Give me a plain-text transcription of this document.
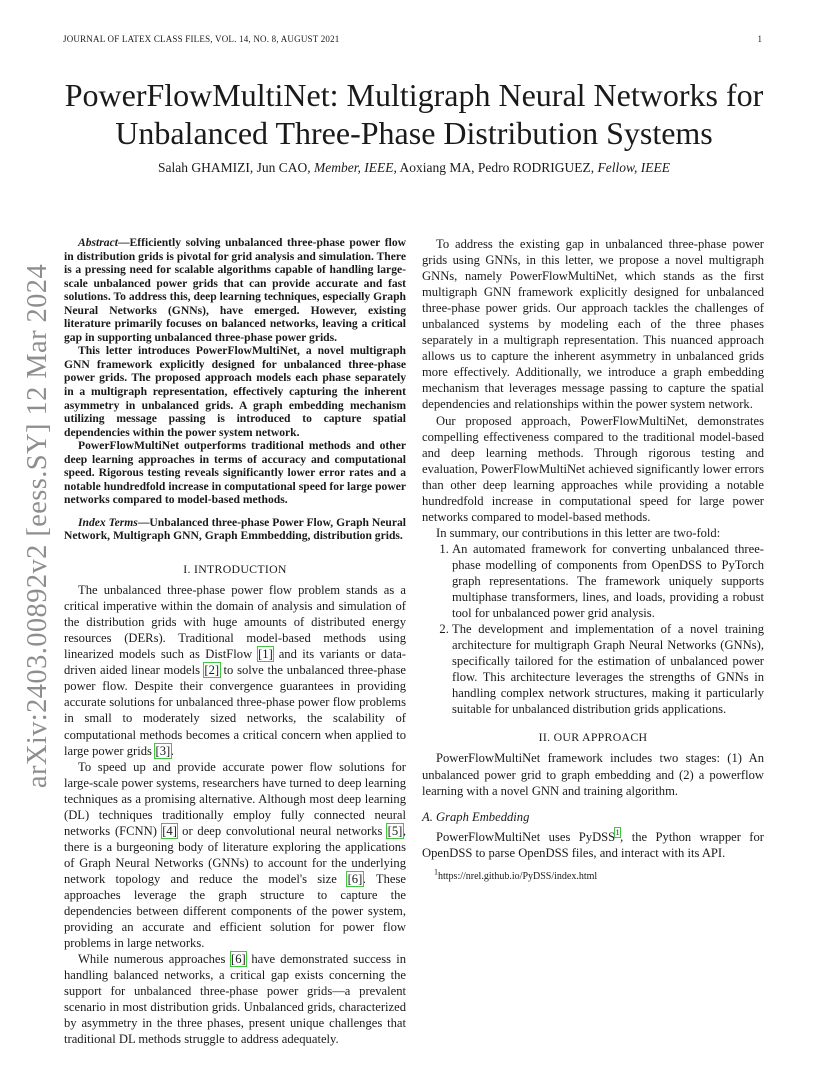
JOURNAL OF LATEX CLASS FILES, VOL. 14, NO. 8, AUGUST 2021	1
arXiv:2403.00892v2 [eess.SY] 12 Mar 2024
PowerFlowMultiNet: Multigraph Neural Networks for Unbalanced Three-Phase Distribution Systems
Salah GHAMIZI, Jun CAO, Member, IEEE, Aoxiang MA, Pedro RODRIGUEZ, Fellow, IEEE

Abstract—Efficiently solving unbalanced three-phase power flow in distribution grids is pivotal for grid analysis and simulation. There is a pressing need for scalable algorithms capable of handling large-scale unbalanced power grids that can provide accurate and fast solutions. To address this, deep learning techniques, especially Graph Neural Networks (GNNs), have emerged. However, existing literature primarily focuses on balanced networks, leaving a critical gap in supporting unbalanced three-phase power grids.

This letter introduces PowerFlowMultiNet, a novel multigraph GNN framework explicitly designed for unbalanced three-phase power grids. The proposed approach models each phase separately in a multigraph representation, effectively capturing the inherent asymmetry in unbalanced grids. A graph embedding mechanism utilizing message passing is introduced to capture spatial dependencies within the power system network.

PowerFlowMultiNet outperforms traditional methods and other deep learning approaches in terms of accuracy and computational speed. Rigorous testing reveals significantly lower error rates and a notable hundredfold increase in computational speed for large power networks compared to model-based methods.

Index Terms—Unbalanced three-phase Power Flow, Graph Neural Network, Multigraph GNN, Graph Emmbedding, distribution grids.

I. INTRODUCTION

The unbalanced three-phase power flow problem stands as a critical imperative within the domain of analysis and simulation of the distribution grids with huge amounts of distributed energy resources (DERs). Traditional model-based methods using linearized models such as DistFlow [1] and its variants or data-driven aided linear models [2] to solve the unbalanced three-phase power flow. Despite their convergence guarantees in providing accurate solutions for unbalanced three-phase power flow problems in small to moderately sized networks, the scalability of computational methods becomes a critical concern when applied to large power grids [3].

To speed up and provide accurate power flow solutions for large-scale power systems, researchers have turned to deep learning techniques as a promising alternative. Although most deep learning (DL) techniques traditionally employ fully connected neural networks (FCNN) [4] or deep convolutional neural networks [5], there is a burgeoning body of literature exploring the applications of Graph Neural Networks (GNNs) to account for the underlying network topology and reduce the model's size [6]. These approaches leverage the graph structure to capture the dependencies between different components of the power system, providing an accurate and efficient solution for power flow problems in large networks.

While numerous approaches [6] have demonstrated success in handling balanced networks, a critical gap exists concerning the support for unbalanced three-phase power grids—a prevalent scenario in most distribution grids. Unbalanced grids, characterized by asymmetry in the three phases, present unique challenges that traditional DL methods struggle to address adequately.

To address the existing gap in unbalanced three-phase power grids using GNNs, in this letter, we propose a novel multigraph GNNs, namely PowerFlowMultiNet, which stands as the first multigraph GNN framework explicitly designed for unbalanced three-phase power grids. Our approach tackles the challenges of unbalanced systems by modeling each of the three phases separately in a multigraph representation. This nuanced approach allows us to capture the inherent asymmetry in unbalanced grids more effectively. Additionally, we introduce a graph embedding mechanism that leverages message passing to capture the spatial dependencies and relationships within the power system network.

Our proposed approach, PowerFlowMultiNet, demonstrates compelling effectiveness compared to the traditional model-based and deep learning methods. Through rigorous testing and evaluation, PowerFlowMultiNet achieved significantly lower errors than other deep learning approaches while providing a notable hundredfold increase in computational speed for large power networks compared to model-based methods.

In summary, our contributions in this letter are two-fold:

1. An automated framework for converting unbalanced three-phase modelling of components from OpenDSS to PyTorch graph representations. The framework uniquely supports multiphase transformers, lines, and loads, providing a robust tool for unbalanced power grid analysis.
2. The development and implementation of a novel training architecture for multigraph Graph Neural Networks (GNNs), specifically tailored for the estimation of unbalanced power flow. This architecture leverages the strengths of GNNs in handling complex network structures, making it particularly suitable for unbalanced distribution grids applications.
II. OUR APPROACH

PowerFlowMultiNet framework includes two stages: (1) An unbalanced power grid to graph embedding and (2) a powerflow learning with a novel GNN and training algorithm.

A. Graph Embedding

PowerFlowMultiNet uses PyDSS$^1$, the Python wrapper for OpenDSS to parse OpenDSS files, and interact with its API.

$^1$https://nrel.github.io/PyDSS/index.html
